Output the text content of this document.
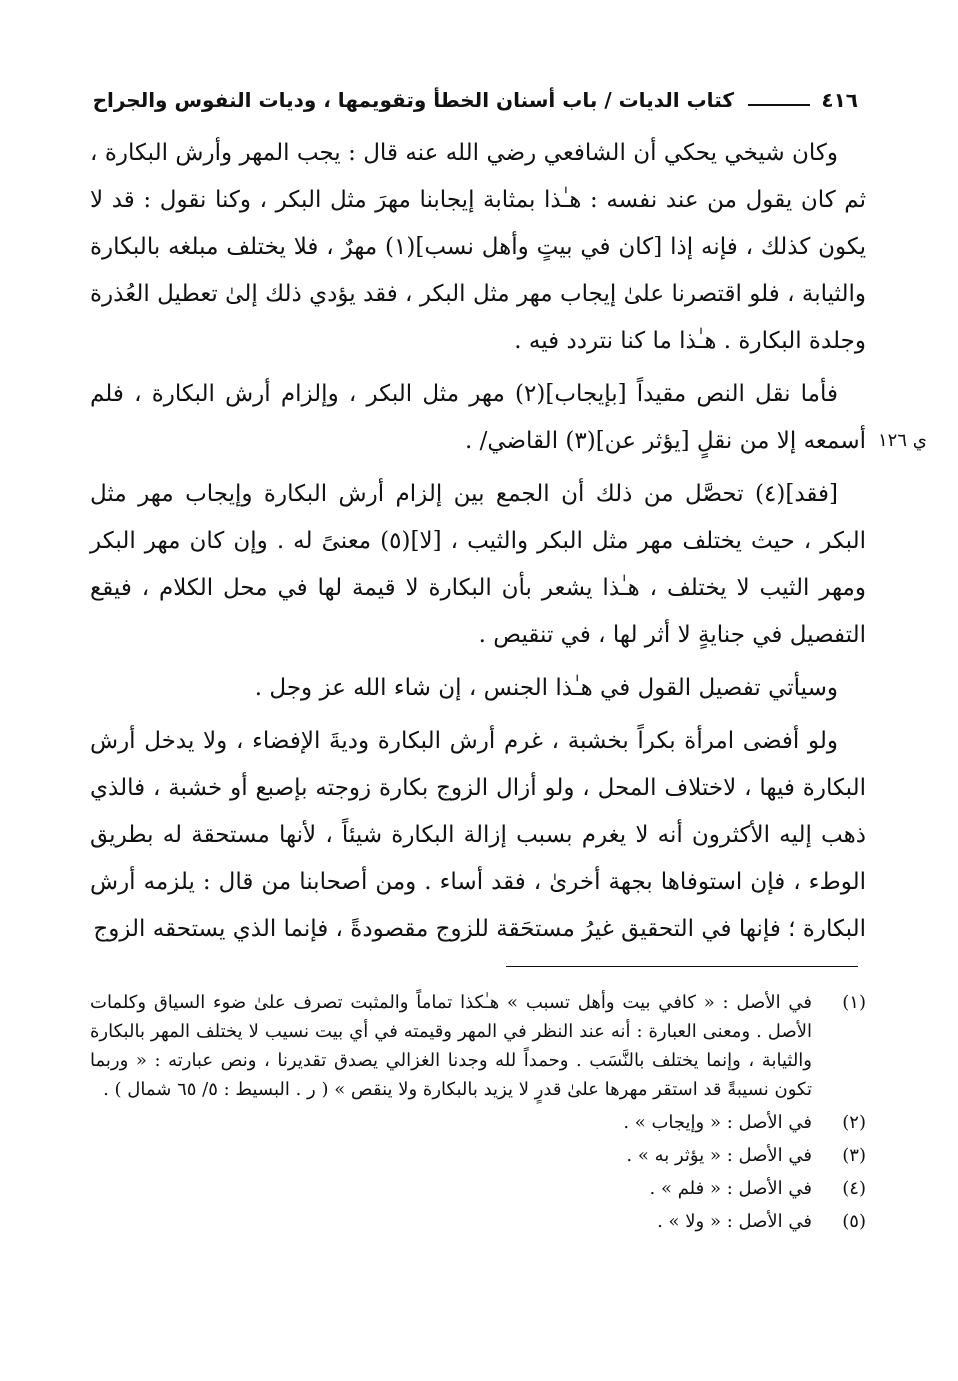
٤١٦
كتاب الديات / باب أسنان الخطأ وتقويمها ، وديات النفوس والجراح
ي ١٢٦

وكان شيخي يحكي أن الشافعي رضي الله عنه قال : يجب المهر وأرش البكارة ، ثم كان يقول من عند نفسه : هـٰذا بمثابة إيجابنا مهرَ مثل البكر ، وكنا نقول : قد لا يكون كذلك ، فإنه إذا [كان في بيتٍ وأهل نسب](١) مهرٌ ، فلا يختلف مبلغه بالبكارة والثيابة ، فلو اقتصرنا علىٰ إيجاب مهر مثل البكر ، فقد يؤدي ذلك إلىٰ تعطيل العُذرة وجلدة البكارة . هـٰذا ما كنا نتردد فيه .

فأما نقل النص مقيداً [بإيجاب](٢) مهر مثل البكر ، وإلزام أرش البكارة ، فلم أسمعه إلا من نقلٍ [يؤثر عن](٣) القاضي/ .

[فقد](٤) تحصَّل من ذلك أن الجمع بين إلزام أرش البكارة وإيجاب مهر مثل البكر ، حيث يختلف مهر مثل البكر والثيب ، [لا](٥) معنىً له . وإن كان مهر البكر ومهر الثيب لا يختلف ، هـٰذا يشعر بأن البكارة لا قيمة لها في محل الكلام ، فيقع التفصيل في جنايةٍ لا أثر لها ، في تنقيص .

وسيأتي تفصيل القول في هـٰذا الجنس ، إن شاء الله عز وجل .

ولو أفضى امرأة بكراً بخشبة ، غرم أرش البكارة وديةَ الإفضاء ، ولا يدخل أرش البكارة فيها ، لاختلاف المحل ، ولو أزال الزوج بكارة زوجته بإصبع أو خشبة ، فالذي ذهب إليه الأكثرون أنه لا يغرم بسبب إزالة البكارة شيئاً ، لأنها مستحقة له بطريق الوطء ، فإن استوفاها بجهة أخرىٰ ، فقد أساء . ومن أصحابنا من قال : يلزمه أرش البكارة ؛ فإنها في التحقيق غيرُ مستحَقة للزوج مقصودةً ، فإنما الذي يستحقه الزوج

(١)
في الأصل : « كافي بيت وأهل تسبب » هـٰكذا تماماً والمثبت تصرف علىٰ ضوء السياق وكلمات الأصل . ومعنى العبارة : أنه عند النظر في المهر وقيمته في أي بيت نسيب لا يختلف المهر بالبكارة والثيابة ، وإنما يختلف بالنَّسَب . وحمداً لله وجدنا الغزالي يصدق تقديرنا ، ونص عبارته : « وربما تكون نسيبةً قد استقر مهرها علىٰ قدرٍ لا يزيد بالبكارة ولا ينقص » ( ر . البسيط : ٥/ ٦٥ شمال ) .
(٢)
في الأصل : « وإيجاب » .
(٣)
في الأصل : « يؤثر به » .
(٤)
في الأصل : « فلم » .
(٥)
في الأصل : « ولا » .
